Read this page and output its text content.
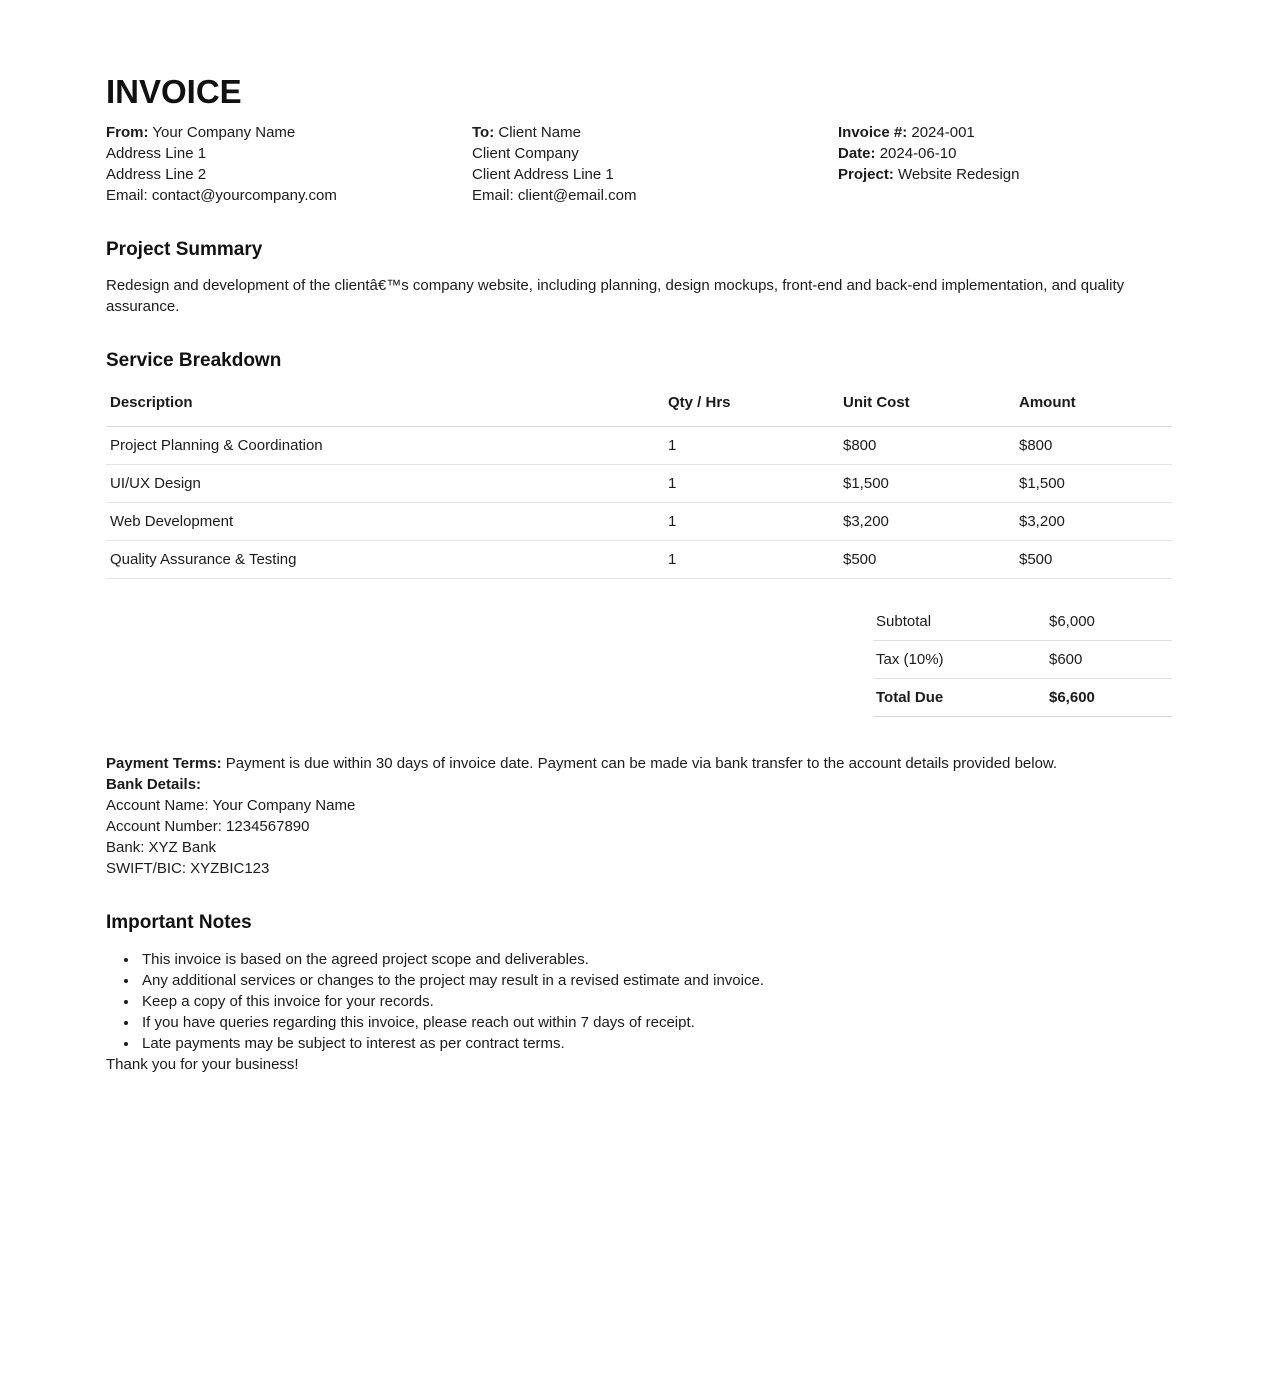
INVOICE
From: Your Company Name
Address Line 1
Address Line 2
Email: contact@yourcompany.com
To: Client Name
Client Company
Client Address Line 1
Email: client@email.com
Invoice #: 2024-001
Date: 2024-06-10
Project: Website Redesign
Project Summary

Redesign and development of the clientâ€™s company website, including planning, design mockups, front-end and back-end implementation, and quality assurance.

Service Breakdown
Description	Qty / Hrs	Unit Cost	Amount
Project Planning & Coordination	1	$800	$800
UI/UX Design	1	$1,500	$1,500
Web Development	1	$3,200	$3,200
Quality Assurance & Testing	1	$500	$500
Subtotal	$6,000
Tax (10%)	$600
Total Due	$6,600
Payment Terms: Payment is due within 30 days of invoice date. Payment can be made via bank transfer to the account details provided below.
Bank Details:
Account Name: Your Company Name
Account Number: 1234567890
Bank: XYZ Bank
SWIFT/BIC: XYZBIC123
Important Notes
• This invoice is based on the agreed project scope and deliverables.
• Any additional services or changes to the project may result in a revised estimate and invoice.
• Keep a copy of this invoice for your records.
• If you have queries regarding this invoice, please reach out within 7 days of receipt.
• Late payments may be subject to interest as per contract terms.
Thank you for your business!
